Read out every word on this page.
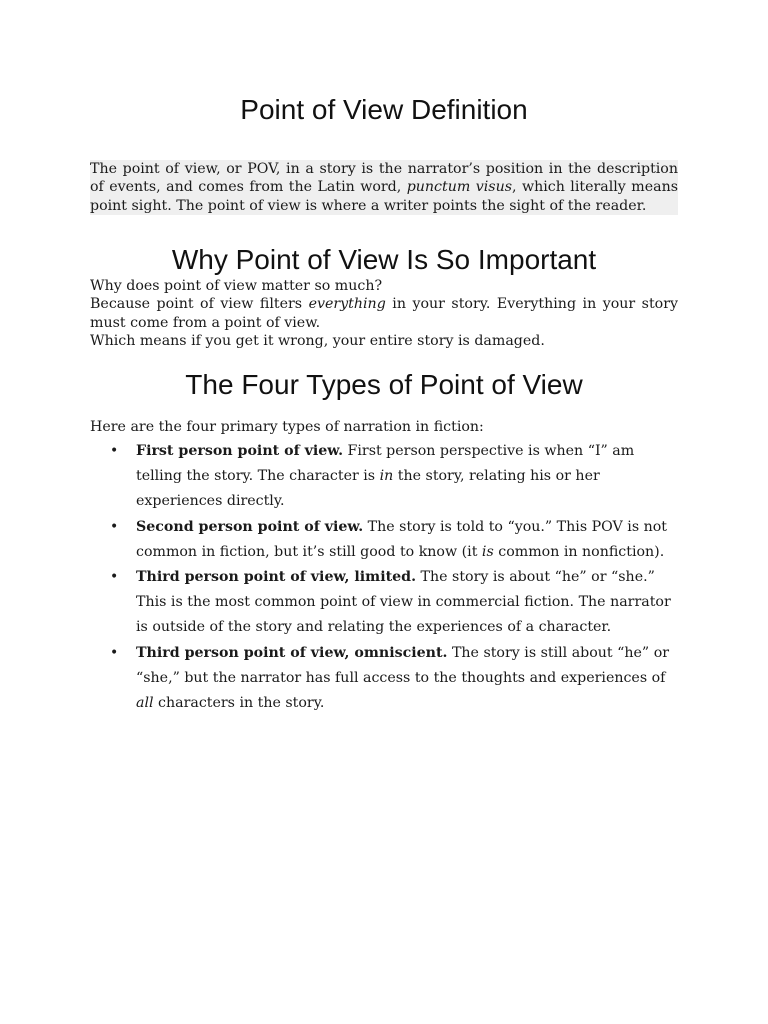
Point of View Definition

The point of view, or POV, in a story is the narrator’s position in the description of events, and comes from the Latin word, punctum visus, which literally means point sight. The point of view is where a writer points the sight of the reader.

Why Point of View Is So Important

Why does point of view matter so much?

Because point of view filters everything in your story. Everything in your story must come from a point of view.

Which means if you get it wrong, your entire story is damaged.

The Four Types of Point of View

Here are the four primary types of narration in fiction:

• First person point of view. First person perspective is when “I” am telling the story. The character is in the story, relating his or her experiences directly.
• Second person point of view. The story is told to “you.” This POV is not common in fiction, but it’s still good to know (it is common in nonfiction).
• Third person point of view, limited. The story is about “he” or “she.” This is the most common point of view in commercial fiction. The narrator is outside of the story and relating the experiences of a character.
• Third person point of view, omniscient. The story is still about “he” or “she,” but the narrator has full access to the thoughts and experiences of all characters in the story.
